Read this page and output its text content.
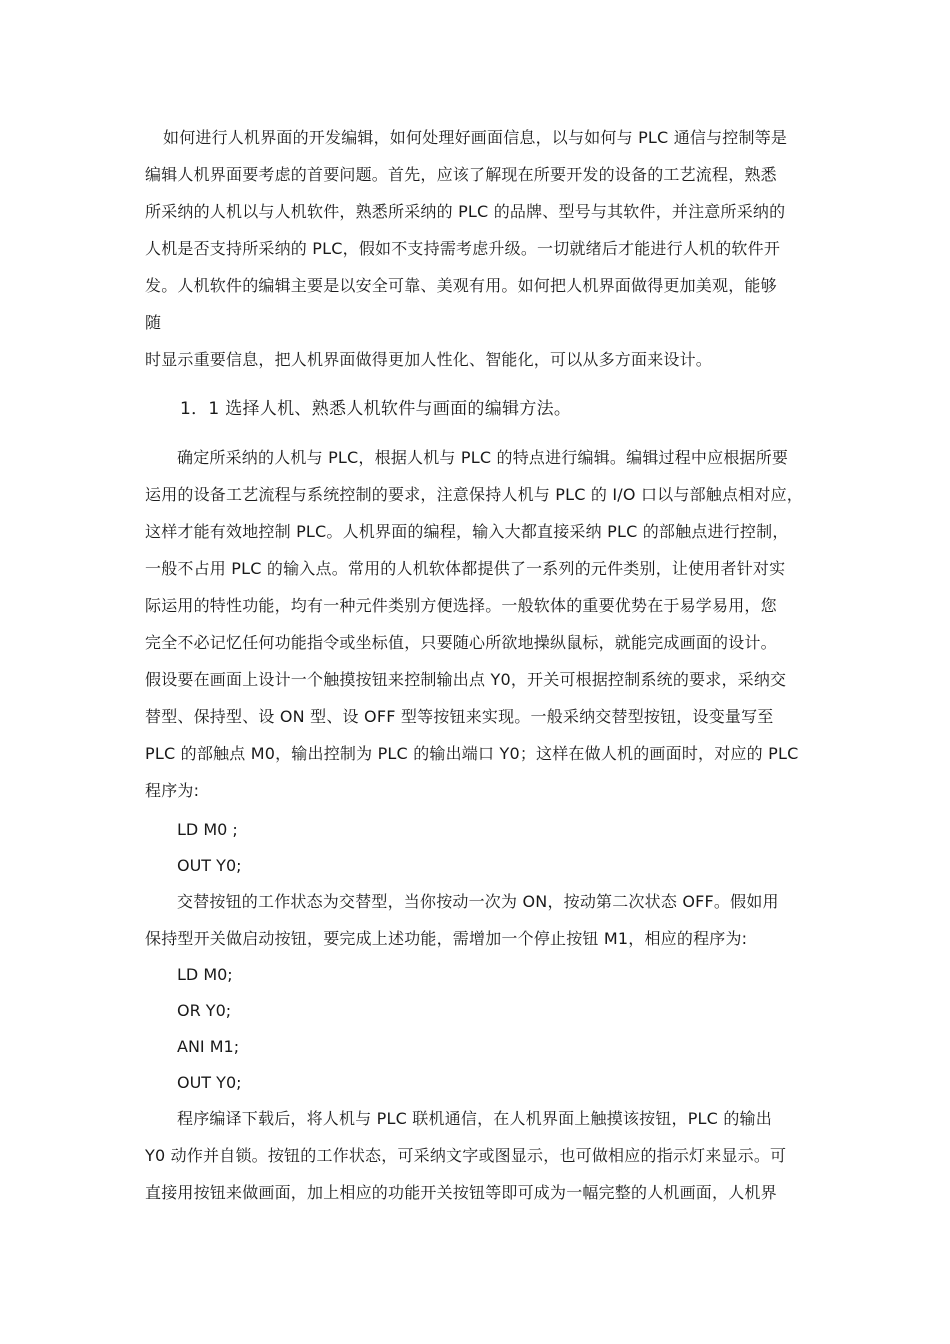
如何进行人机界面的开发编辑，如何处理好画面信息，以与如何与 PLC 通信与控制等是
编辑人机界面要考虑的首要问题。首先，应该了解现在所要开发的设备的工艺流程，熟悉
所采纳的人机以与人机软件，熟悉所采纳的 PLC 的品牌、型号与其软件，并注意所采纳的
人机是否支持所采纳的 PLC，假如不支持需考虑升级。一切就绪后才能进行人机的软件开
发。人机软件的编辑主要是以安全可靠、美观有用。如何把人机界面做得更加美观，能够
随
时显示重要信息，把人机界面做得更加人性化、智能化，可以从多方面来设计。
1．1 选择人机、熟悉人机软件与画面的编辑方法。
确定所采纳的人机与 PLC，根据人机与 PLC 的特点进行编辑。编辑过程中应根据所要
运用的设备工艺流程与系统控制的要求，注意保持人机与 PLC 的 I/O 口以与部触点相对应，
这样才能有效地控制 PLC。人机界面的编程，输入大都直接采纳 PLC 的部触点进行控制，
一般不占用 PLC 的输入点。常用的人机软体都提供了一系列的元件类别，让使用者针对实
际运用的特性功能，均有一种元件类别方便选择。一般软体的重要优势在于易学易用，您
完全不必记忆任何功能指令或坐标值，只要随心所欲地操纵鼠标，就能完成画面的设计。
假设要在画面上设计一个触摸按钮来控制输出点 Y0，开关可根据控制系统的要求，采纳交
替型、保持型、设 ON 型、设 OFF 型等按钮来实现。一般采纳交替型按钮，设变量写至
PLC 的部触点 M0，输出控制为 PLC 的输出端口 Y0；这样在做人机的画面时，对应的 PLC
程序为:
LD M0 ;
OUT Y0;
交替按钮的工作状态为交替型，当你按动一次为 ON，按动第二次状态 OFF。假如用
保持型开关做启动按钮，要完成上述功能，需增加一个停止按钮 M1，相应的程序为:
LD M0;
OR Y0;
ANI M1;
OUT Y0;
程序编译下载后，将人机与 PLC 联机通信，在人机界面上触摸该按钮，PLC 的输出
Y0 动作并自锁。按钮的工作状态，可采纳文字或图显示，也可做相应的指示灯来显示。可
直接用按钮来做画面，加上相应的功能开关按钮等即可成为一幅完整的人机画面，人机界
